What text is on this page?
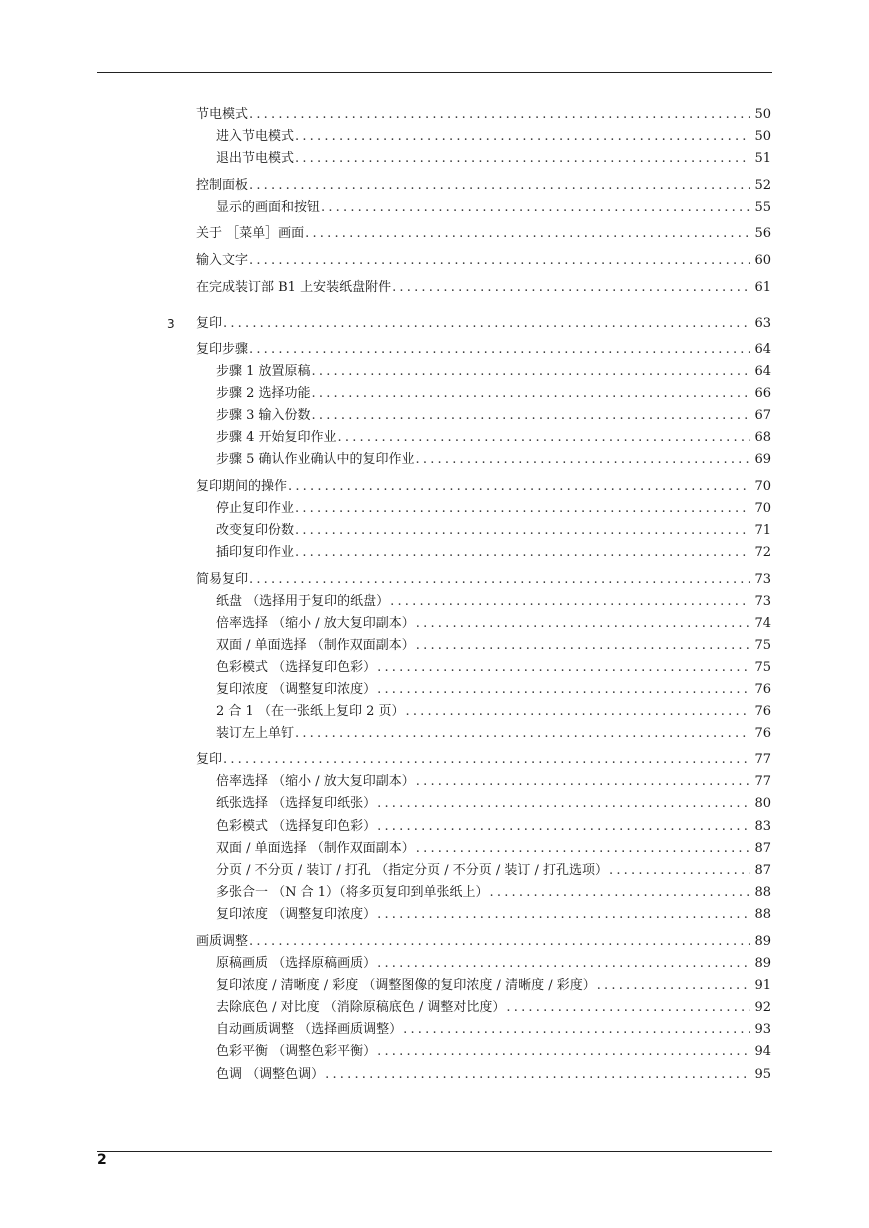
节电模式 .....	50
进入节电模式 .....	50
退出节电模式 .....	51
控制面板 .....	52
显示的画面和按钮 .....	55
关于 ［菜单］画面 .....	56
输入文字 .....	60
在完成装订部 B1 上安装纸盘附件 .....	61
3 复印 .....	63
复印步骤 .....	64
步骤 1 放置原稿 .....	64
步骤 2 选择功能 .....	66
步骤 3 输入份数 .....	67
步骤 4 开始复印作业 .....	68
步骤 5 确认作业确认中的复印作业 .....	69
复印期间的操作 .....	70
停止复印作业 .....	70
改变复印份数 .....	71
插印复印作业 .....	72
简易复印 .....	73
纸盘 （选择用于复印的纸盘） .....	73
倍率选择 （缩小 / 放大复印副本） .....	74
双面 / 单面选择 （制作双面副本） .....	75
色彩模式 （选择复印色彩） .....	75
复印浓度 （调整复印浓度） .....	76
2 合 1 （在一张纸上复印 2 页） .....	76
装订左上单钉 .....	76
复印 .....	77
倍率选择 （缩小 / 放大复印副本） .....	77
纸张选择 （选择复印纸张） .....	80
色彩模式 （选择复印色彩） .....	83
双面 / 单面选择 （制作双面副本） .....	87
分页 / 不分页 / 装订 / 打孔 （指定分页 / 不分页 / 装订 / 打孔选项） .....	87
多张合一 （N 合 1）（将多页复印到单张纸上） .....	88
复印浓度 （调整复印浓度） .....	88
画质调整 .....	89
原稿画质 （选择原稿画质） .....	89
复印浓度 / 清晰度 / 彩度 （调整图像的复印浓度 / 清晰度 / 彩度） .....	91
去除底色 / 对比度 （消除原稿底色 / 调整对比度） .....	92
自动画质调整 （选择画质调整） .....	93
色彩平衡 （调整色彩平衡） .....	94
色调 （调整色调） .....	95
2
